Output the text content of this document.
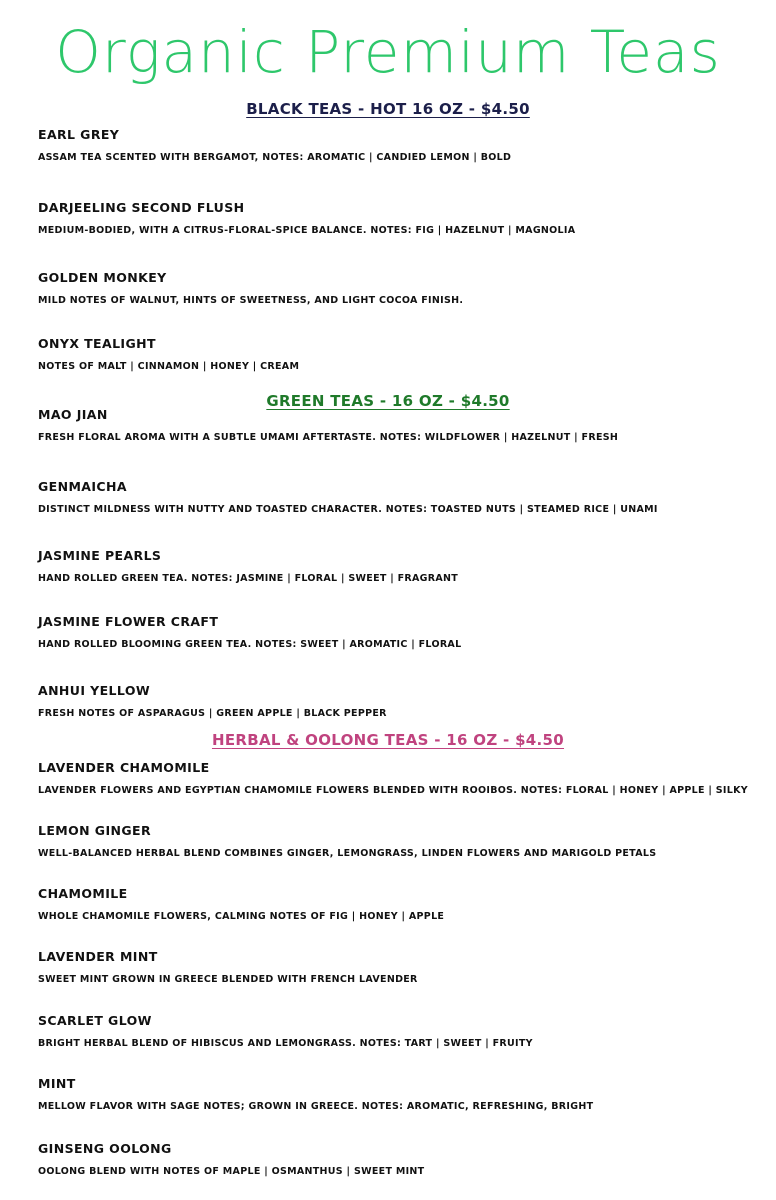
Organic Premium Teas
BLACK TEAS - HOT 16 OZ - $4.50
EARL GREY
ASSAM TEA SCENTED WITH BERGAMOT, NOTES: AROMATIC | CANDIED LEMON | BOLD
DARJEELING SECOND FLUSH
MEDIUM-BODIED, WITH A CITRUS-FLORAL-SPICE BALANCE. NOTES: FIG | HAZELNUT | MAGNOLIA
GOLDEN MONKEY
MILD NOTES OF WALNUT, HINTS OF SWEETNESS, AND LIGHT COCOA FINISH.
ONYX TEALIGHT
NOTES OF MALT | CINNAMON | HONEY | CREAM
GREEN TEAS - 16 OZ - $4.50
MAO JIAN
FRESH FLORAL AROMA WITH A SUBTLE UMAMI AFTERTASTE. NOTES: WILDFLOWER | HAZELNUT | FRESH
GENMAICHA
DISTINCT MILDNESS WITH NUTTY AND TOASTED CHARACTER. NOTES: TOASTED NUTS | STEAMED RICE | UNAMI
JASMINE PEARLS
HAND ROLLED GREEN TEA. NOTES: JASMINE | FLORAL | SWEET | FRAGRANT
JASMINE FLOWER CRAFT
HAND ROLLED BLOOMING GREEN TEA. NOTES: SWEET | AROMATIC | FLORAL
ANHUI YELLOW
FRESH NOTES OF ASPARAGUS | GREEN APPLE | BLACK PEPPER
HERBAL & OOLONG TEAS - 16 OZ - $4.50
LAVENDER CHAMOMILE
LAVENDER FLOWERS AND EGYPTIAN CHAMOMILE FLOWERS BLENDED WITH ROOIBOS. NOTES: FLORAL | HONEY | APPLE | SILKY
LEMON GINGER
WELL-BALANCED HERBAL BLEND COMBINES GINGER, LEMONGRASS, LINDEN FLOWERS AND MARIGOLD PETALS
CHAMOMILE
WHOLE CHAMOMILE FLOWERS, CALMING NOTES OF FIG | HONEY | APPLE
LAVENDER MINT
SWEET MINT GROWN IN GREECE BLENDED WITH FRENCH LAVENDER
SCARLET GLOW
BRIGHT HERBAL BLEND OF HIBISCUS AND LEMONGRASS. NOTES: TART | SWEET | FRUITY
MINT
MELLOW FLAVOR WITH SAGE NOTES; GROWN IN GREECE. NOTES: AROMATIC, REFRESHING, BRIGHT
GINSENG OOLONG
OOLONG BLEND WITH NOTES OF MAPLE | OSMANTHUS | SWEET MINT
